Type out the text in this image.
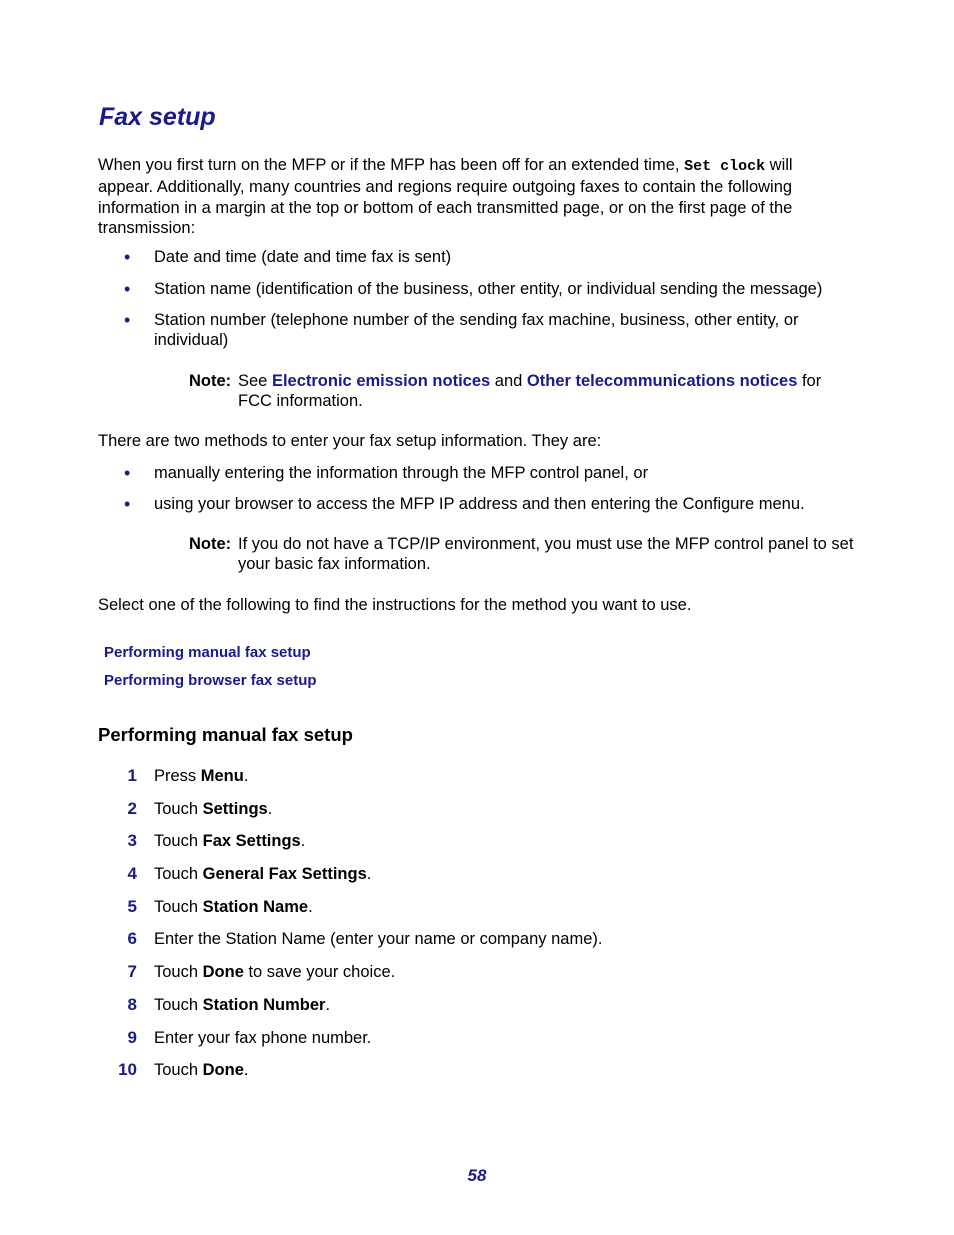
Fax setup
When you first turn on the MFP or if the MFP has been off for an extended time, Set clock will appear. Additionally, many countries and regions require outgoing faxes to contain the following information in a margin at the top or bottom of each transmitted page, or on the first page of the transmission:
• Date and time (date and time fax is sent)
• Station name (identification of the business, other entity, or individual sending the message)
• Station number (telephone number of the sending fax machine, business, other entity, or individual)
Note: See Electronic emission notices and Other telecommunications notices for FCC information.
There are two methods to enter your fax setup information. They are:
• manually entering the information through the MFP control panel, or
• using your browser to access the MFP IP address and then entering the Configure menu.
Note: If you do not have a TCP/IP environment, you must use the MFP control panel to set your basic fax information.
Select one of the following to find the instructions for the method you want to use.
Performing manual fax setup
Performing browser fax setup
Performing manual fax setup
1 Press Menu.
2 Touch Settings.
3 Touch Fax Settings.
4 Touch General Fax Settings.
5 Touch Station Name.
6 Enter the Station Name (enter your name or company name).
7 Touch Done to save your choice.
8 Touch Station Number.
9 Enter your fax phone number.
10 Touch Done.
58
